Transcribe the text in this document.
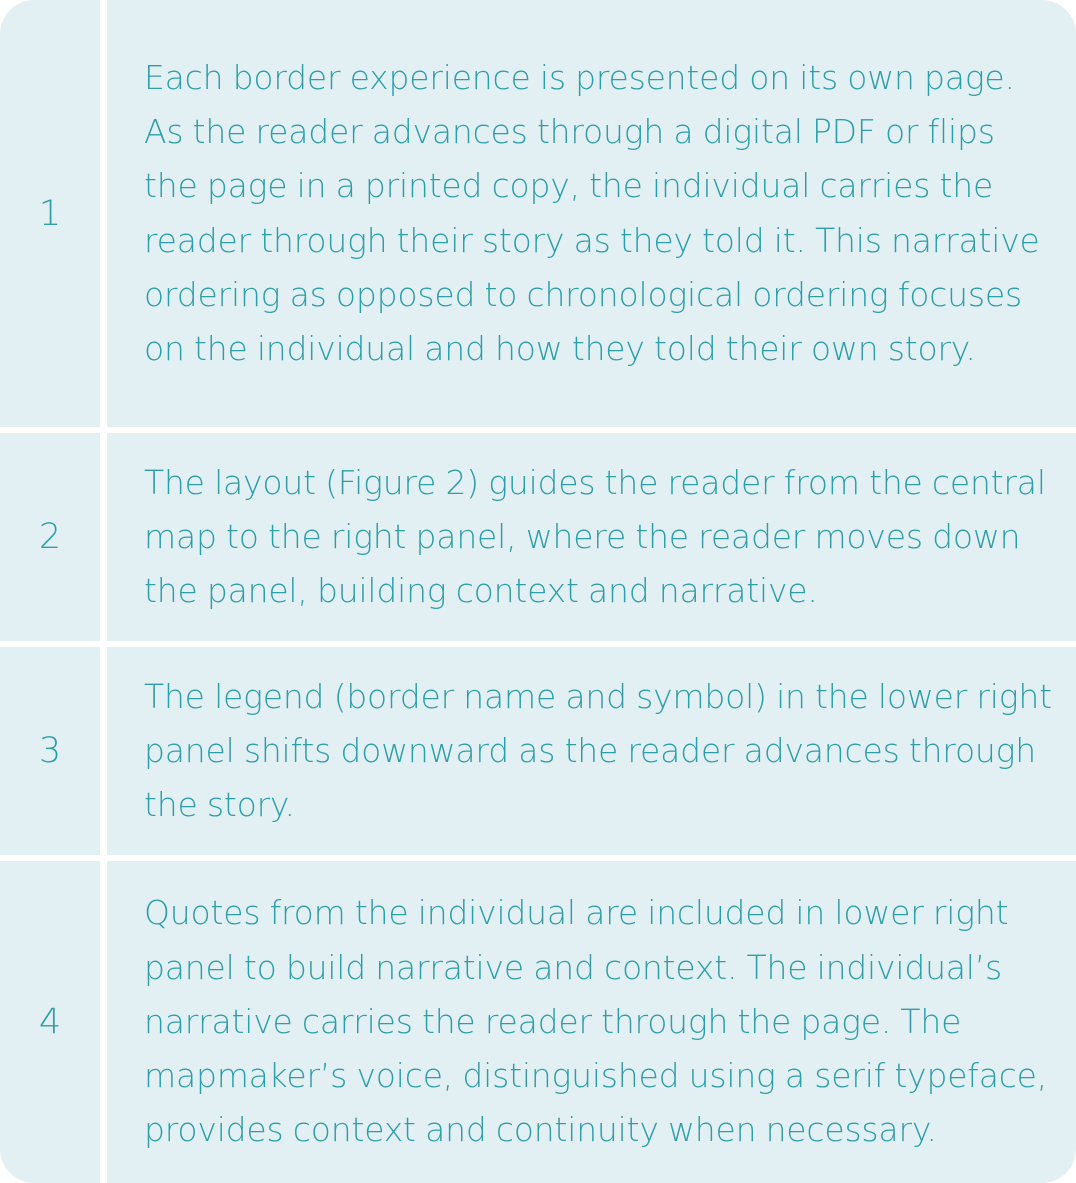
1

Each border experience is presented on its own page. As the reader advances through a digital PDF or flips the page in a printed copy, the individual carries the reader through their story as they told it. This narrative ordering as opposed to chronological ordering focuses on the individual and how they told their own story.

2

The layout (Figure 2) guides the reader from the central map to the right panel, where the reader moves down the panel, building context and narrative.

3

The legend (border name and symbol) in the lower right panel shifts downward as the reader advances through the story.

4

Quotes from the individual are included in lower right panel to build narrative and context. The individual’s narrative carries the reader through the page. The mapmaker’s voice, distinguished using a serif typeface, provides context and continuity when necessary.
